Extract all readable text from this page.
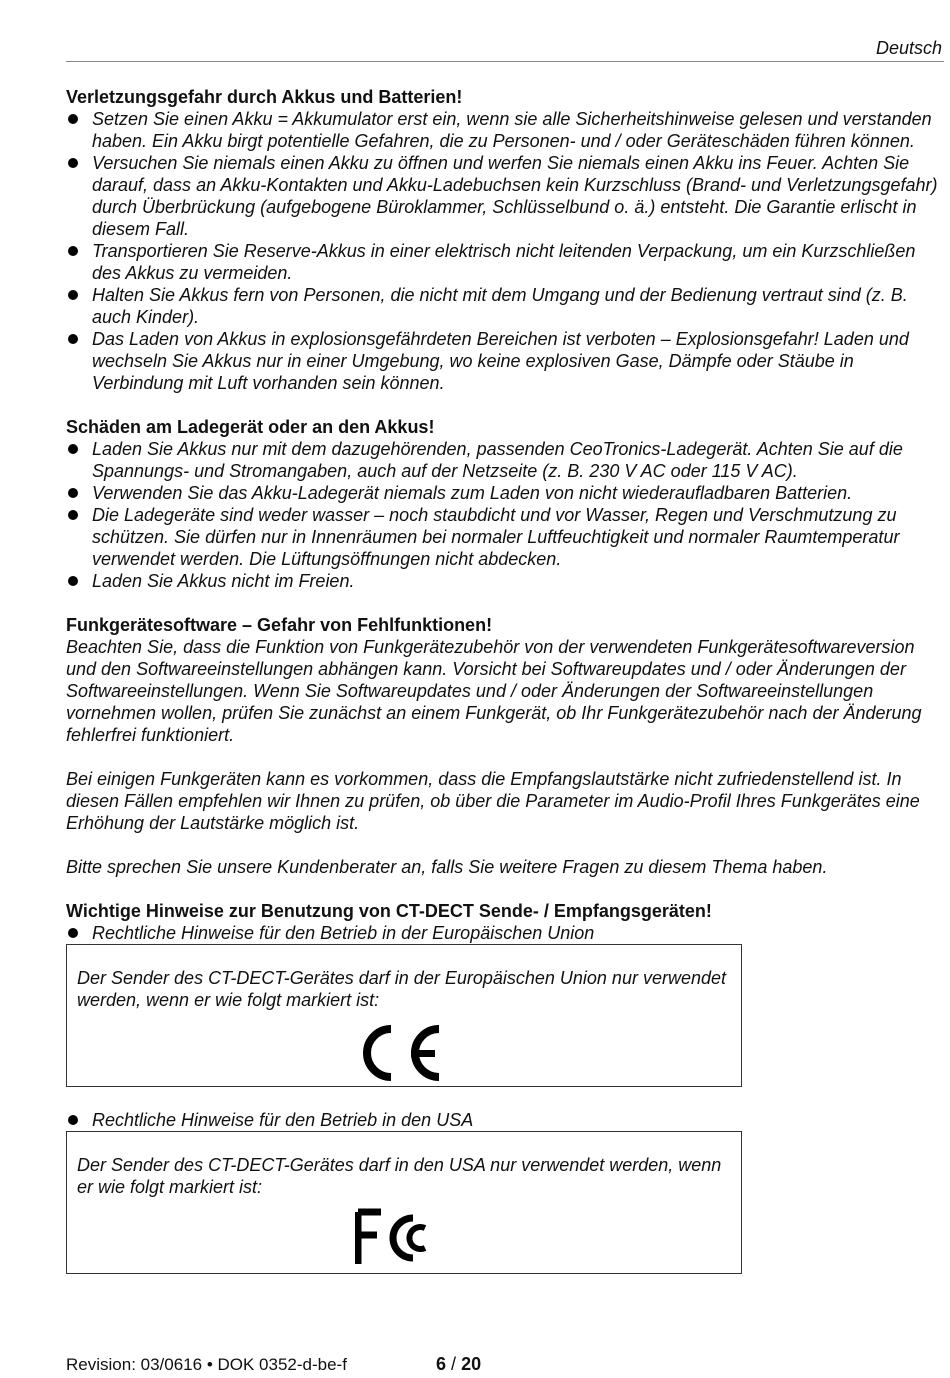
Deutsch
Verletzungsgefahr durch Akkus und Batterien!
Setzen Sie einen Akku = Akkumulator erst ein, wenn sie alle Sicherheitshinweise gelesen und verstanden haben. Ein Akku birgt potentielle Gefahren, die zu Personen- und / oder Geräteschäden führen können.
Versuchen Sie niemals einen Akku zu öffnen und werfen Sie niemals einen Akku ins Feuer. Achten Sie darauf, dass an Akku-Kontakten und Akku-Ladebuchsen kein Kurzschluss (Brand- und Verletzungsgefahr) durch Überbrückung (aufgebogene Büroklammer, Schlüsselbund o. ä.) entsteht. Die Garantie erlischt in diesem Fall.
Transportieren Sie Reserve-Akkus in einer elektrisch nicht leitenden Verpackung, um ein Kurzschließen des Akkus zu vermeiden.
Halten Sie Akkus fern von Personen, die nicht mit dem Umgang und der Bedienung vertraut sind (z. B. auch Kinder).
Das Laden von Akkus in explosionsgefährdeten Bereichen ist verboten – Explosionsgefahr! Laden und wechseln Sie Akkus nur in einer Umgebung, wo keine explosiven Gase, Dämpfe oder Stäube in Verbindung mit Luft vorhanden sein können.
Schäden am Ladegerät oder an den Akkus!
Laden Sie Akkus nur mit dem dazugehörenden, passenden CeoTronics-Ladegerät. Achten Sie auf die Spannungs- und Stromangaben, auch auf der Netzseite (z. B. 230 V AC oder 115 V AC).
Verwenden Sie das Akku-Ladegerät niemals zum Laden von nicht wiederaufladbaren Batterien.
Die Ladegeräte sind weder wasser – noch staubdicht und vor Wasser, Regen und Verschmutzung zu schützen. Sie dürfen nur in Innenräumen bei normaler Luftfeuchtigkeit und normaler Raumtemperatur verwendet werden. Die Lüftungsöffnungen nicht abdecken.
Laden Sie Akkus nicht im Freien.
Funkgerätesoftware – Gefahr von Fehlfunktionen!

Beachten Sie, dass die Funktion von Funkgerätezubehör von der verwendeten Funkgerätesoftwareversion und den Softwareeinstellungen abhängen kann. Vorsicht bei Softwareupdates und / oder Änderungen der Softwareeinstellungen. Wenn Sie Softwareupdates und / oder Änderungen der Softwareeinstellungen vornehmen wollen, prüfen Sie zunächst an einem Funkgerät, ob Ihr Funkgerätezubehör nach der Änderung fehlerfrei funktioniert.

Bei einigen Funkgeräten kann es vorkommen, dass die Empfangslautstärke nicht zufriedenstellend ist. In diesen Fällen empfehlen wir Ihnen zu prüfen, ob über die Parameter im Audio-Profil Ihres Funkgerätes eine Erhöhung der Lautstärke möglich ist.

Bitte sprechen Sie unsere Kundenberater an, falls Sie weitere Fragen zu diesem Thema haben.

Wichtige Hinweise zur Benutzung von CT-DECT Sende- / Empfangsgeräten!
Rechtliche Hinweise für den Betrieb in der Europäischen Union
Der Sender des CT-DECT-Gerätes darf in der Europäischen Union nur verwendet werden, wenn er wie folgt markiert ist:
Rechtliche Hinweise für den Betrieb in den USA
Der Sender des CT-DECT-Gerätes darf in den USA nur verwendet werden, wenn er wie folgt markiert ist:
Revision: 03/0616 • DOK 0352-d-be-f	6 / 20
